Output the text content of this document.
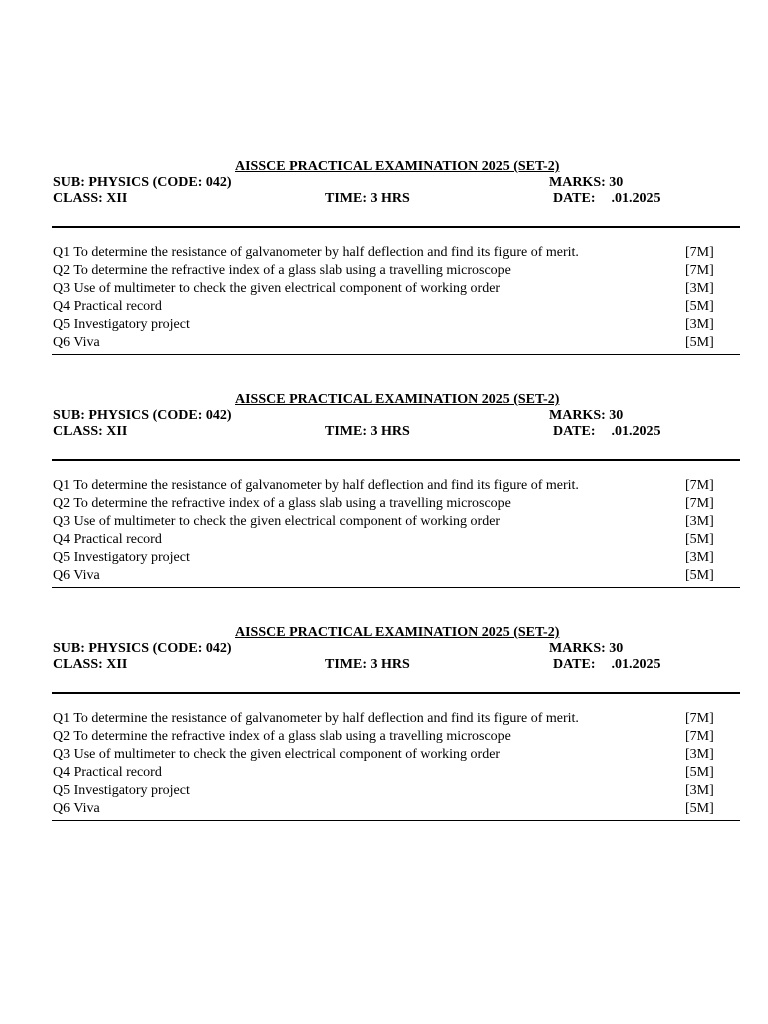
AISSCE PRACTICAL EXAMINATION 2025 (SET-2)
SUB: PHYSICS (CODE: 042)	MARKS: 30
CLASS: XII	TIME: 3 HRS	DATE: .01.2025
Q1 To determine the resistance of galvanometer by half deflection and find its figure of merit.	[7M]
Q2 To determine the refractive index of a glass slab using a travelling microscope	[7M]
Q3 Use of multimeter to check the given electrical component of working order	[3M]
Q4 Practical record	[5M]
Q5 Investigatory project	[3M]
Q6 Viva	[5M]
AISSCE PRACTICAL EXAMINATION 2025 (SET-2)
SUB: PHYSICS (CODE: 042)	MARKS: 30
CLASS: XII	TIME: 3 HRS	DATE: .01.2025
Q1 To determine the resistance of galvanometer by half deflection and find its figure of merit.	[7M]
Q2 To determine the refractive index of a glass slab using a travelling microscope	[7M]
Q3 Use of multimeter to check the given electrical component of working order	[3M]
Q4 Practical record	[5M]
Q5 Investigatory project	[3M]
Q6 Viva	[5M]
AISSCE PRACTICAL EXAMINATION 2025 (SET-2)
SUB: PHYSICS (CODE: 042)	MARKS: 30
CLASS: XII	TIME: 3 HRS	DATE: .01.2025
Q1 To determine the resistance of galvanometer by half deflection and find its figure of merit.	[7M]
Q2 To determine the refractive index of a glass slab using a travelling microscope	[7M]
Q3 Use of multimeter to check the given electrical component of working order	[3M]
Q4 Practical record	[5M]
Q5 Investigatory project	[3M]
Q6 Viva	[5M]
